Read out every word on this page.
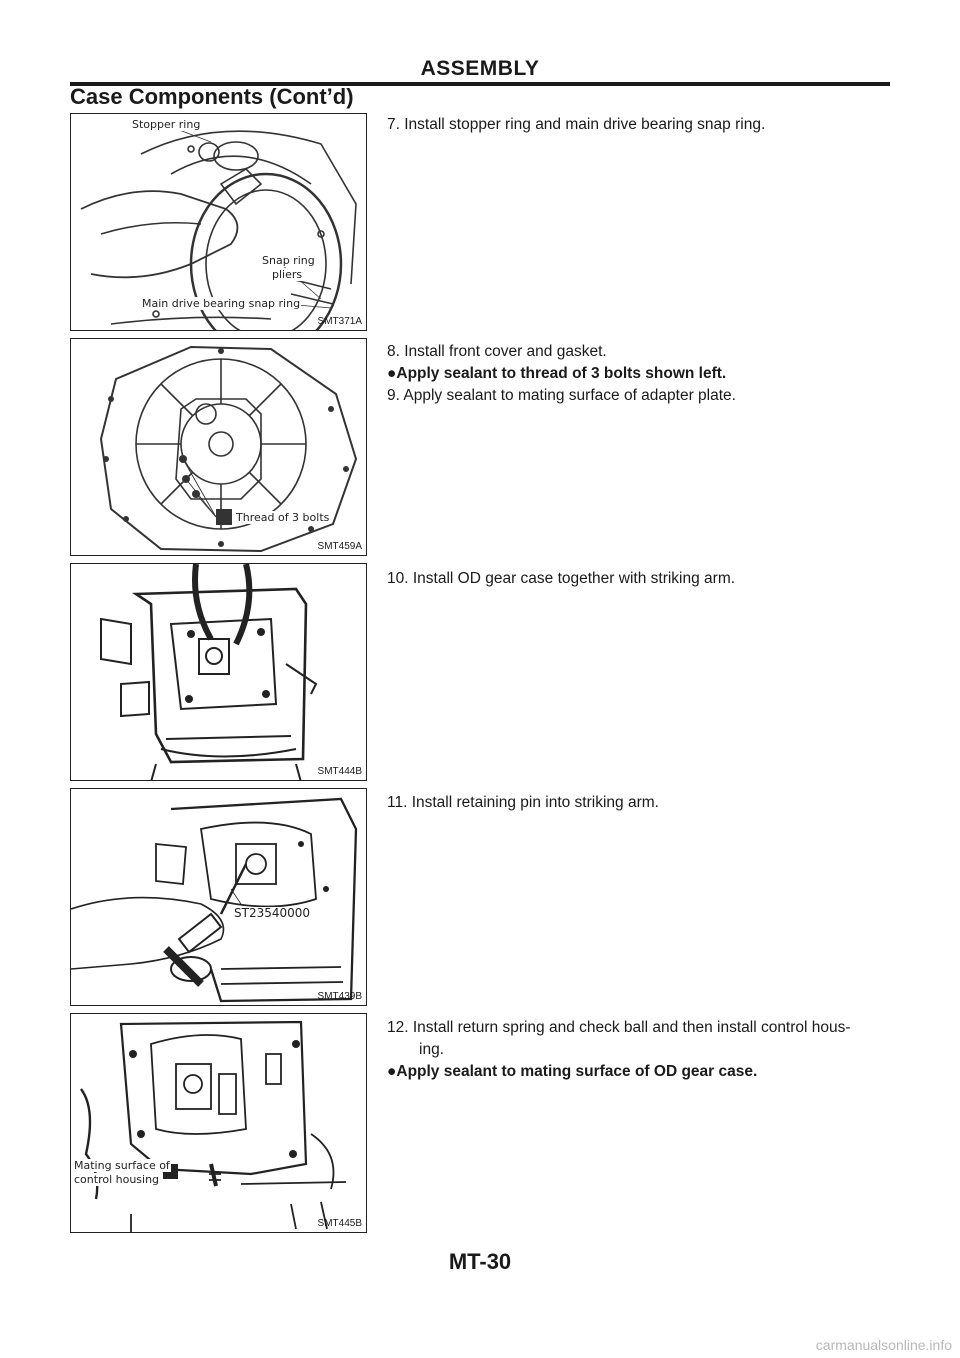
ASSEMBLY
Case Components (Cont’d)
Stopper ring
Snap ring
pliers
Main drive bearing snap ring
SMT371A
Thread of 3 bolts
SMT459A
SMT444B
ST23540000
SMT439B
Mating surface of
control housing
SMT445B
7. Install stopper ring and main drive bearing snap ring.
8. Install front cover and gasket.
●Apply sealant to thread of 3 bolts shown left.
9. Apply sealant to mating surface of adapter plate.
10. Install OD gear case together with striking arm.
11. Install retaining pin into striking arm.
12. Install return spring and check ball and then install control hous-
ing.
●Apply sealant to mating surface of OD gear case.
MT-30
carmanualsonline.info
